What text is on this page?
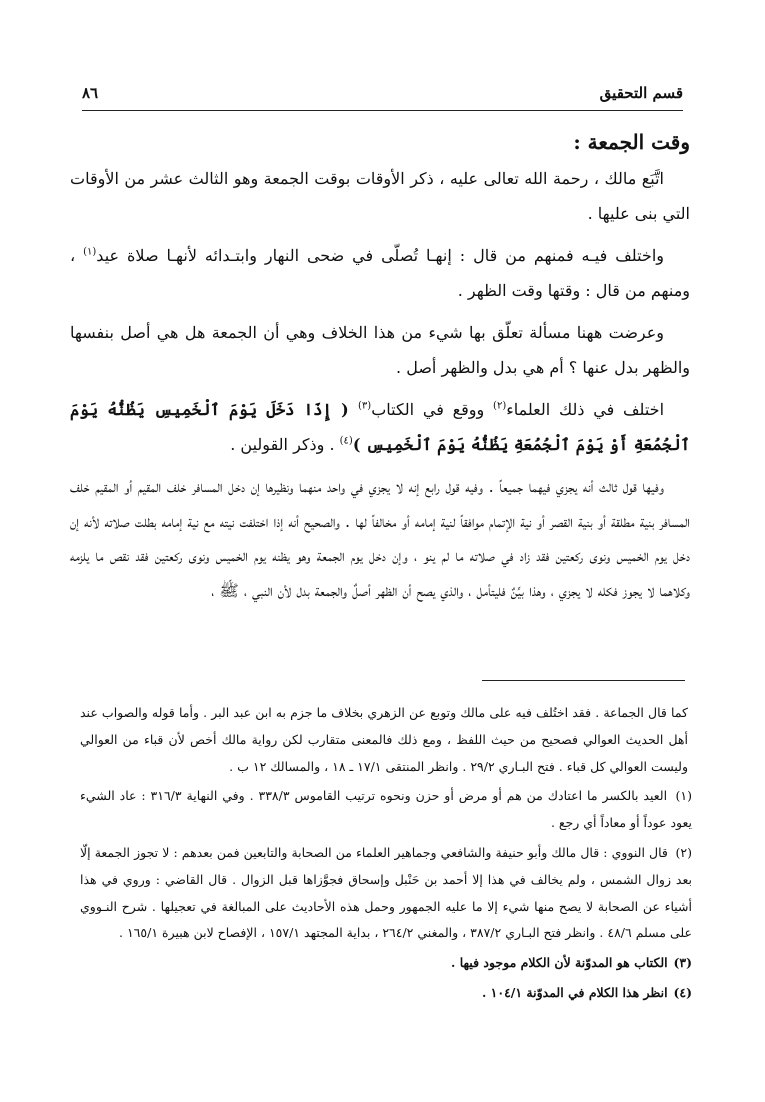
قسم التحقيق
٨٦
وقت الجمعة :

اتَّبَع مالك ، رحمة الله تعالى عليه ، ذكر الأوقات بوقت الجمعة وهو الثالث عشر من الأوقات التي بنى عليها .

واختلف فيـه فمنهم من قال : إنهـا تُصلّى في ضحى النهار وابتـدائه لأنهـا صلاة عيد$^{(١)}$ ، ومنهم من قال : وقتها وقت الظهر .

وعرضت ههنا مسألة تعلّق بها شيء من هذا الخلاف وهي أن الجمعة هل هي أصل بنفسها والظهر بدل عنها ؟ أم هي بدل والظهر أصل .

اختلف في ذلك العلماء$^{(٢)}$ ووقع في الكتاب$^{(٣)}$ ( إِذَا دَخَلَ يَوْمَ ٱلْخَمِيسِ يَظُنُّهُ يَوْمَ ٱلْجُمُعَةِ أَوْ يَوْمَ ٱلْجُمُعَةِ يَظُنُّهُ يَوْمَ ٱلْخَمِيسِ )$^{(٤)}$ . وذكر القولين .

وفيها قول ثالث أنه يجزي فيهما جميعاً . وفيه قول رابع إنه لا يجزي في واحد منهما ونظيرها إن دخل المسافر خلف المقيم أو المقيم خلف المسافر بنية مطلقة أو بنية القصر أو نية الإتمام موافقاً لنية إمامه أو مخالفاً لها . والصحيح أنه إذا اختلفت نيته مع نية إمامه بطلت صلاته لأنه إن دخل يوم الخميس ونوى ركعتين فقد زاد في صلاته ما لم ينو ، وإن دخل يوم الجمعة وهو يظنه يوم الخميس ونوى ركعتين فقد نقص ما يلزمه وكلاهما لا يجوز فكله لا يجزي ، وهذا بيِّنٌ فليتأمل ، والذي يصح أن الظهر أصلٌ والجمعة بدل لأن النبي ، ﷺ ،

كما قال الجماعة . فقد اختُلف فيه على مالك وتوبع عن الزهري بخلاف ما جزم به ابن عبد البر . وأما قوله والصواب عند أهل الحديث العوالي فصحيح من حيث اللفظ ، ومع ذلك فالمعنى متقارب لكن رواية مالك أخص لأن قباء من العوالي وليست العوالي كل قباء . فتح البـاري ٢٩/٢ . وانظر المنتقى ١٧/١ ـ ١٨ ، والمسالك ١٢ ب .

(١) العيد بالكسر ما اعتادك من هم أو مرض أو حزن ونحوه ترتيب القاموس ٣٣٨/٣ . وفي النهاية ٣١٦/٣ : عاد الشيء يعود عوداً أو معاداً أي رجع .

(٢) قال النووي : قال مالك وأبو حنيفة والشافعي وجماهير العلماء من الصحابة والتابعين فمن بعدهم : لا تجوز الجمعة إلّا بعد زوال الشمس ، ولم يخالف في هذا إلا أحمد بن حَنْبل وإسحاق فجوَّزاها قبل الزوال . قال القاضي : وروي في هذا أشياء عن الصحابة لا يصح منها شيء إلا ما عليه الجمهور وحمل هذه الأحاديث على المبالغة في تعجيلها . شرح النـووي على مسلم ٤٨/٦ . وانظر فتح البـاري ٣٨٧/٢ ، والمغني ٢٦٤/٢ ، بداية المجتهد ١٥٧/١ ، الإفصاح لابن هبيرة ١٦٥/١ .

(٣) الكتاب هو المدوّنة لأن الكلام موجود فيها .

(٤) انظر هذا الكلام في المدوّنة ١٠٤/١ .
